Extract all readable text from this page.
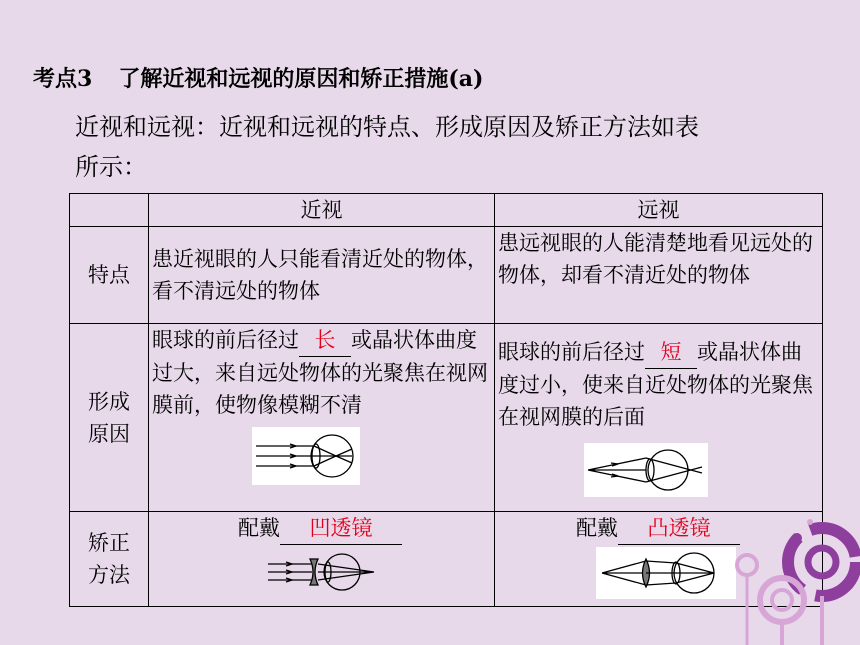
考点3 了解近视和远视的原因和矫正措施(a)
近视和远视：近视和远视的特点、形成原因及矫正方法如表
所示：
	近视	远视
特点	患近视眼的人只能看清近处的物体，看不清远处的物体	患远视眼的人能清楚地看见远处的物体，却看不清近处的物体

形成
原因	眼球的前后径过 长 或晶状体曲度过大，来自远处物体的光聚焦在视网膜前，使物像模糊不清	眼球的前后径过 短 或晶状体曲度过小，使来自近处物体的光聚焦在视网膜的后面

矫正
方法	配戴 凹透镜	配戴 凸透镜
